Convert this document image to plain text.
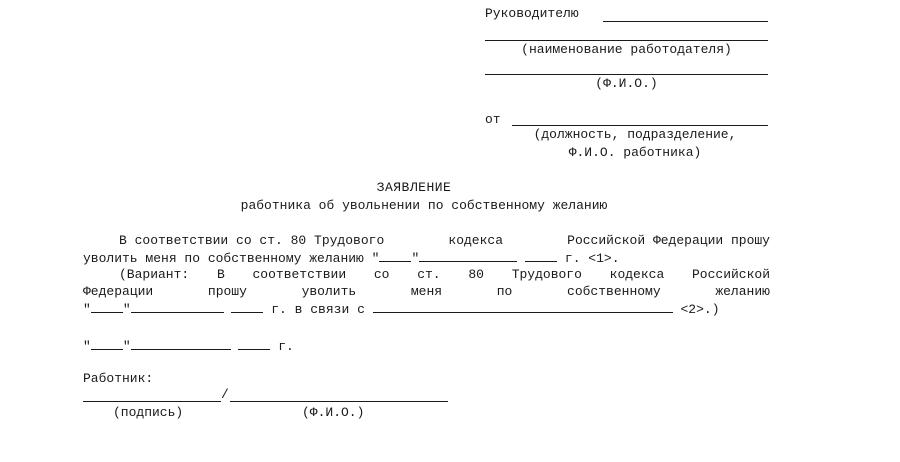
Руководителю
(наименование работодателя)
(Ф.И.О.)
от
(должность, подразделение,
Ф.И.О. работника)
ЗАЯВЛЕНИЕ
работника об увольнении по собственному желанию
В соответствии со ст. 80 Трудового	кодекса	Российской Федерации прошу
уволить меня по собственному желанию " "	г. <1>.
(Вариант: В соответствии со ст. 80 Трудового кодекса Российской
Федерации	прошу	уволить	меня	по	собственному	желанию
" "	г. в связи с	<2>.)
" "	г.
Работник:
/
(подпись)	(Ф.И.О.)
